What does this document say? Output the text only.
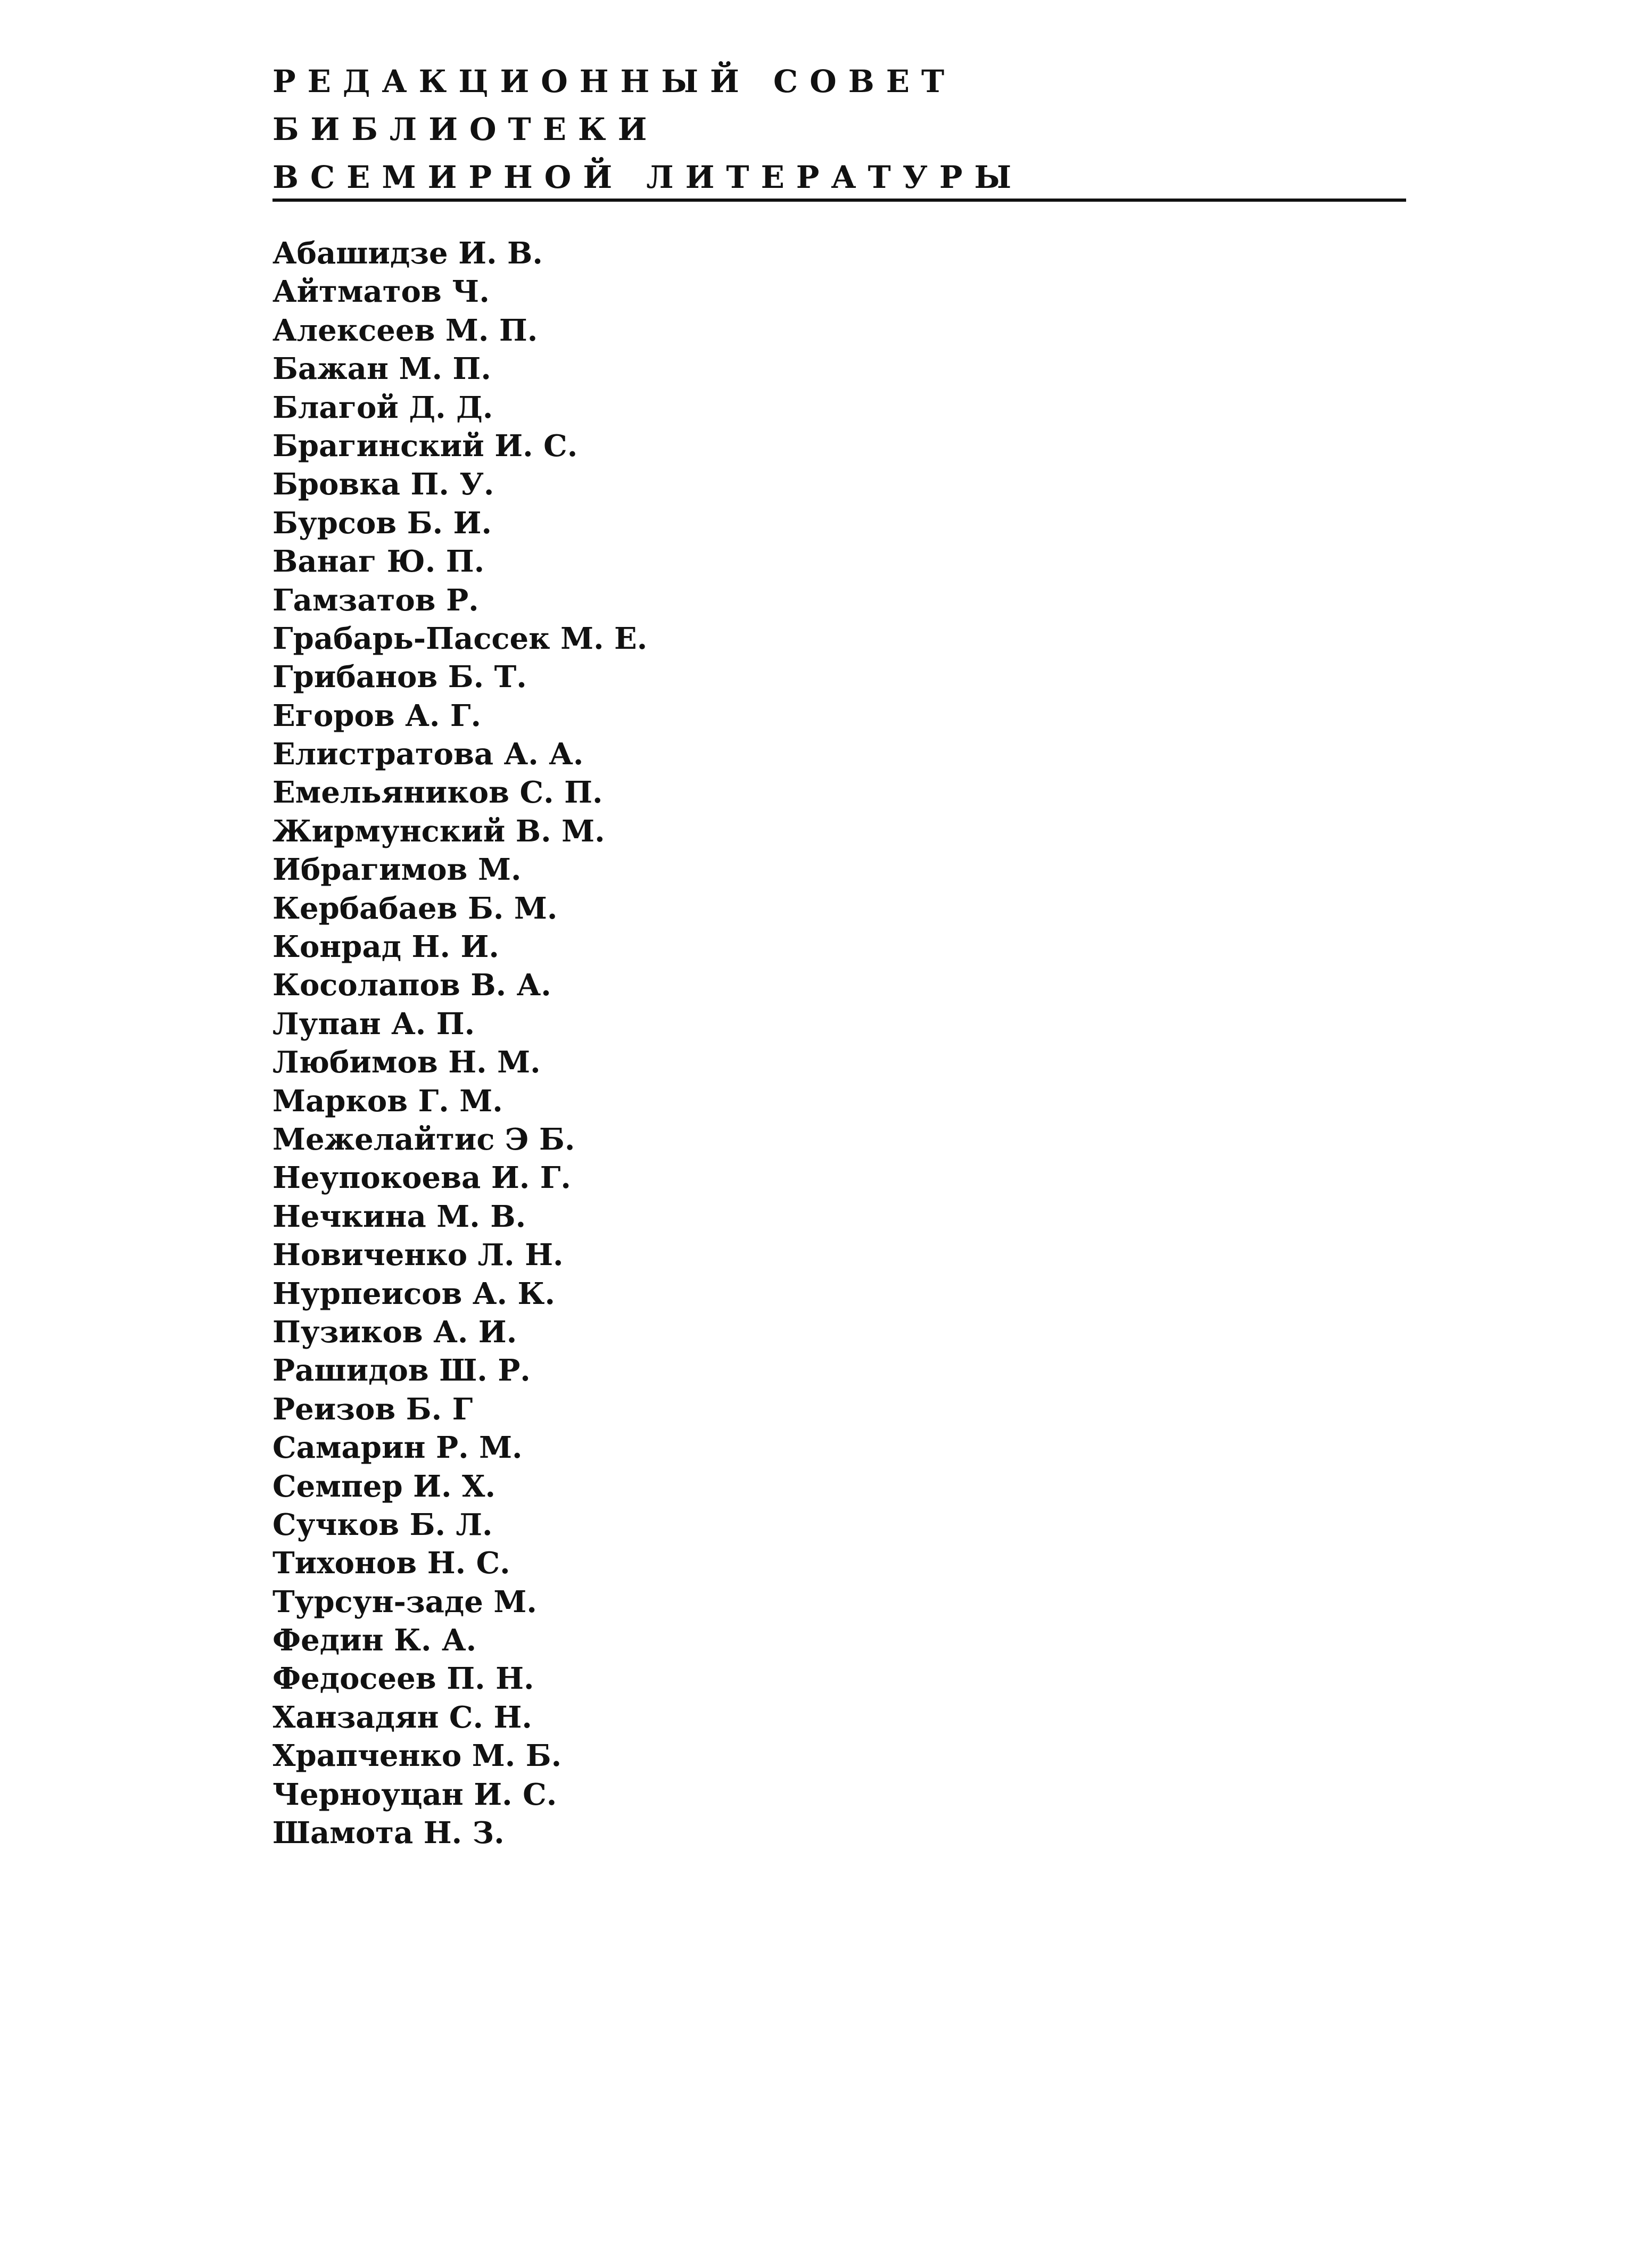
РЕДАКЦИОННЫЙ СОВЕТ
БИБЛИОТЕКИ
ВСЕМИРНОЙ ЛИТЕРАТУРЫ
Абашидзе И. В.
Айтматов Ч.
Алексеев М. П.
Бажан М. П.
Благой Д. Д.
Брагинский И. С.
Бровка П. У.
Бурсов Б. И.
Ванаг Ю. П.
Гамзатов Р.
Грабарь-Пассек М. Е.
Грибанов Б. Т.
Егоров А. Г.
Елистратова А. А.
Емельяников С. П.
Жирмунский В. М.
Ибрагимов М.
Кербабаев Б. М.
Конрад Н. И.
Косолапов В. А.
Лупан А. П.
Любимов Н. М.
Марков Г. М.
Межелайтис Э Б.
Неупокоева И. Г.
Нечкина М. В.
Новиченко Л. Н.
Нурпеисов А. К.
Пузиков А. И.
Рашидов Ш. Р.
Реизов Б. Г
Самарин Р. М.
Семпер И. Х.
Сучков Б. Л.
Тихонов Н. С.
Турсун-заде М.
Федин К. А.
Федосеев П. Н.
Ханзадян С. Н.
Храпченко М. Б.
Черноуцан И. С.
Шамота Н. З.
